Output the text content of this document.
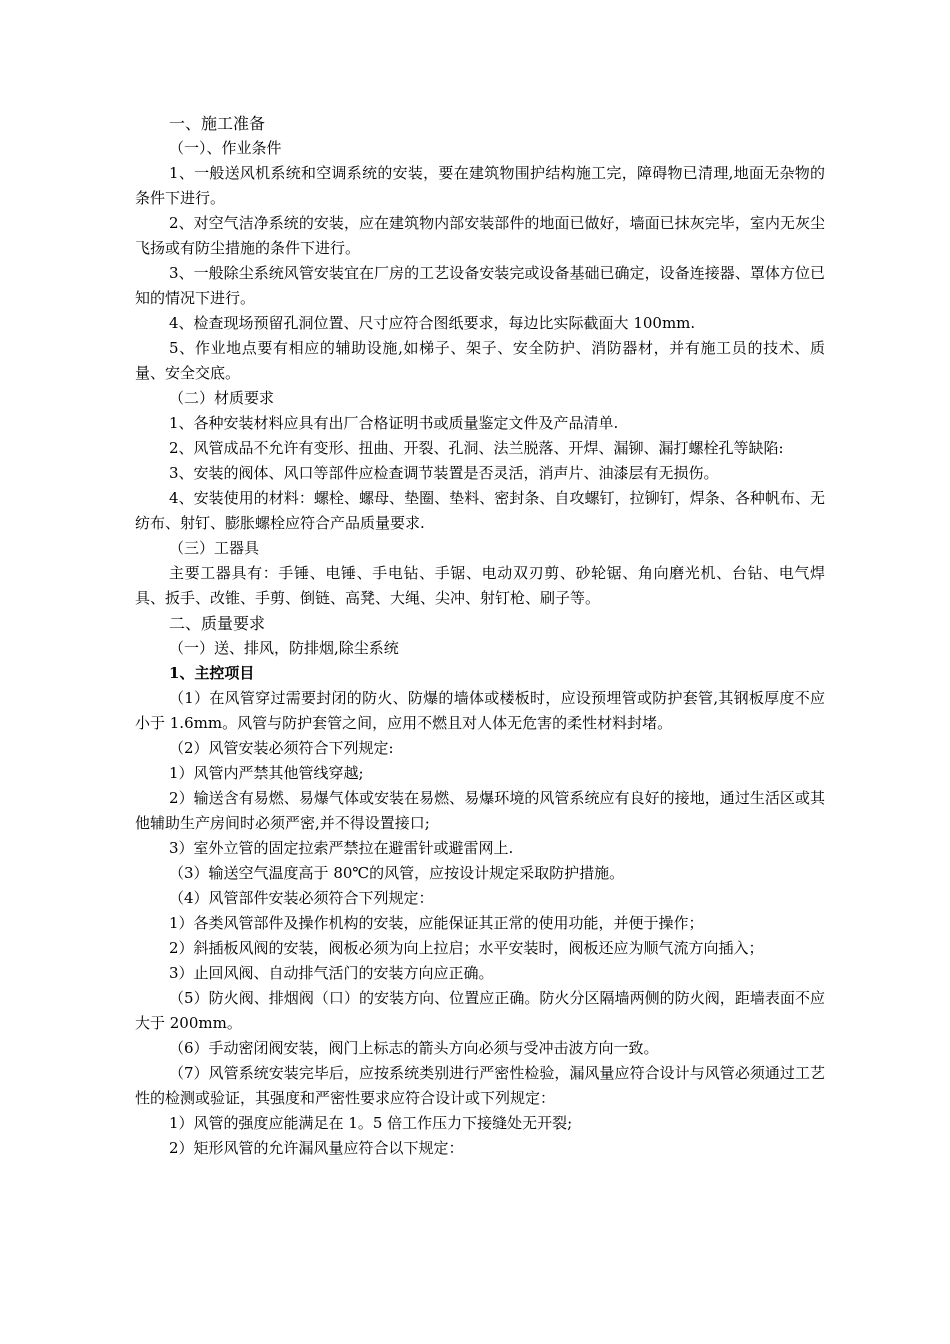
一、施工准备

（一）、作业条件

1、一般送风机系统和空调系统的安装，要在建筑物围护结构施工完，障碍物已清理,地面无杂物的条件下进行。

2、对空气洁净系统的安装，应在建筑物内部安装部件的地面已做好，墙面已抹灰完毕，室内无灰尘飞扬或有防尘措施的条件下进行。

3、一般除尘系统风管安装宜在厂房的工艺设备安装完或设备基础已确定，设备连接器、罩体方位已知的情况下进行。

4、检查现场预留孔洞位置、尺寸应符合图纸要求，每边比实际截面大 100mm.

5、作业地点要有相应的辅助设施,如梯子、架子、安全防护、消防器材，并有施工员的技术、质量、安全交底。

（二）材质要求

1、各种安装材料应具有出厂合格证明书或质量鉴定文件及产品清单.

2、风管成品不允许有变形、扭曲、开裂、孔洞、法兰脱落、开焊、漏铆、漏打螺栓孔等缺陷:

3、安装的阀体、风口等部件应检查调节装置是否灵活，消声片、油漆层有无损伤。

4、安装使用的材料：螺栓、螺母、垫圈、垫料、密封条、自攻螺钉，拉铆钉，焊条、各种帆布、无纺布、射钉、膨胀螺栓应符合产品质量要求.

（三）工器具

主要工器具有：手锤、电锤、手电钻、手锯、电动双刃剪、砂轮锯、角向磨光机、台钻、电气焊具、扳手、改锥、手剪、倒链、高凳、大绳、尖冲、射钉枪、刷子等。

二、质量要求

（一）送、排风，防排烟,除尘系统

1、主控项目

（1）在风管穿过需要封闭的防火、防爆的墙体或楼板时，应设预埋管或防护套管,其钢板厚度不应小于 1.6mm。风管与防护套管之间，应用不燃且对人体无危害的柔性材料封堵。

（2）风管安装必须符合下列规定:

1）风管内严禁其他管线穿越;

2）输送含有易燃、易爆气体或安装在易燃、易爆环境的风管系统应有良好的接地，通过生活区或其他辅助生产房间时必须严密,并不得设置接口;

3）室外立管的固定拉索严禁拉在避雷针或避雷网上.

（3）输送空气温度高于 80℃的风管，应按设计规定采取防护措施。

（4）风管部件安装必须符合下列规定：

1）各类风管部件及操作机构的安装，应能保证其正常的使用功能，并便于操作；

2）斜插板风阀的安装，阀板必须为向上拉启；水平安装时，阀板还应为顺气流方向插入；

3）止回风阀、自动排气活门的安装方向应正确。

（5）防火阀、排烟阀（口）的安装方向、位置应正确。防火分区隔墙两侧的防火阀，距墙表面不应大于 200mm。

（6）手动密闭阀安装，阀门上标志的箭头方向必须与受冲击波方向一致。

（7）风管系统安装完毕后，应按系统类别进行严密性检验，漏风量应符合设计与风管必须通过工艺性的检测或验证，其强度和严密性要求应符合设计或下列规定：

1）风管的强度应能满足在 1。5 倍工作压力下接缝处无开裂;

2）矩形风管的允许漏风量应符合以下规定：
